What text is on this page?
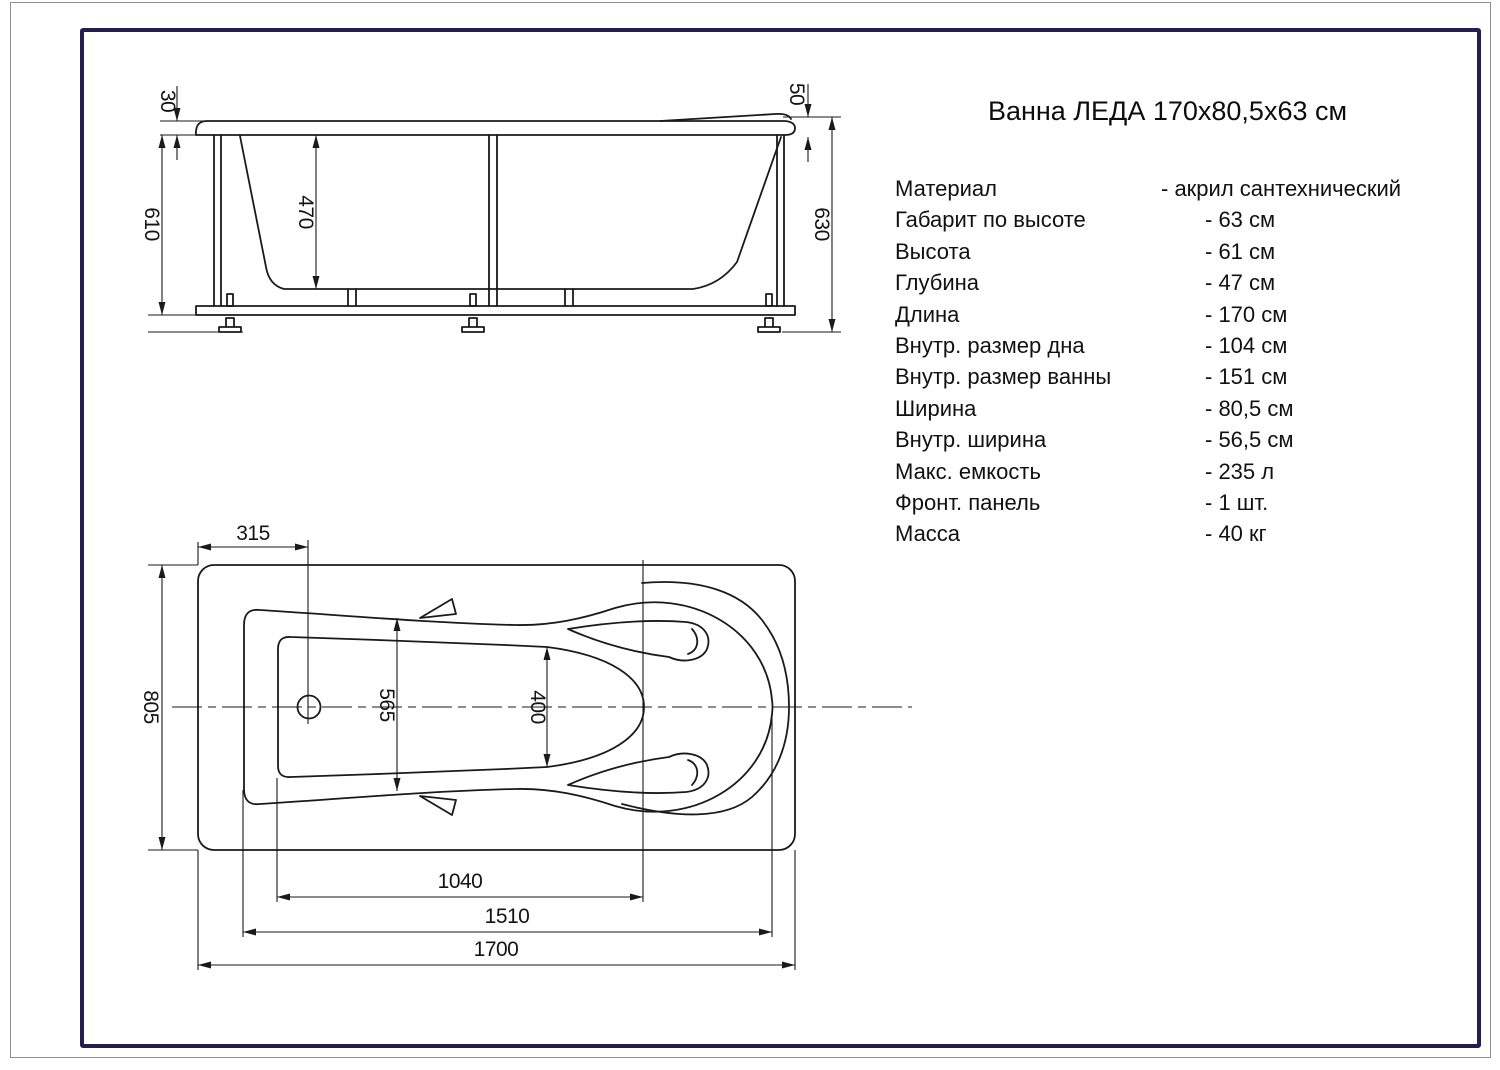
30
610	470
50
630
315
805	565	400
1040
1510
1700
Ванна ЛЕДА 170х80,5х63 см
Материал	- акрил сантехнический
Габарит по высоте	- 63 см
Высота	- 61 см
Глубина	- 47 см
Длина	- 170 см
Внутр. размер дна	- 104 см
Внутр. размер ванны	- 151 см
Ширина	- 80,5 см
Внутр. ширина	- 56,5 см
Макс. емкость	- 235 л
Фронт. панель	- 1 шт.
Масса	- 40 кг
